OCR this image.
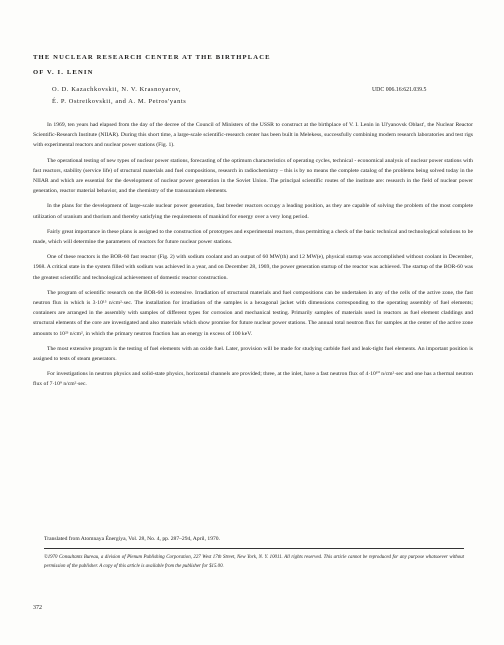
THE NUCLEAR RESEARCH CENTER AT THE BIRTHPLACE
OF V. I. LENIN
O. D. Kazachkovskii, N. V. Krasnoyarov,
É. P. Ostreikovskii, and A. M. Petros'yants
UDC 006.16:621.039.5

In 1969, ten years had elapsed from the day of the decree of the Council of Ministers of the USSR to construct at the birthplace of V. I. Lenin in Ul'yanovsk Oblast', the Nuclear Reactor Scientific-Research Institute (NIIAR). During this short time, a large-scale scientific-research center has been built in Melekess, successfully combining modern research laboratories and test rigs with experimental reactors and nuclear power stations (Fig. 1).

The operational testing of new types of nuclear power stations, forecasting of the optimum characteristics of operating cycles, technical - economical analysis of nuclear power stations with fast reactors, stability (service life) of structural materials and fuel compositions, research in radiochemistry – this is by no means the complete catalog of the problems being solved today in the NIIAR and which are essential for the development of nuclear power generation in the Soviet Union. The principal scientific routes of the institute are: research in the field of nuclear power generation, reactor material behavior, and the chemistry of the transuranium elements.

In the plans for the development of large-scale nuclear power generation, fast breeder reactors occupy a leading position, as they are capable of solving the problem of the most complete utilization of uranium and thorium and thereby satisfying the requirements of mankind for energy over a very long period.

Fairly great importance in these plans is assigned to the construction of prototypes and experimental reactors, thus permitting a check of the basic technical and technological solutions to be made, which will determine the parameters of reactors for future nuclear power stations.

One of these reactors is the BOR-60 fast reactor (Fig. 2) with sodium coolant and an output of 60 MW(th) and 12 MW(e), physical startup was accomplished without coolant in December, 1968. A critical state in the system filled with sodium was achieved in a year, and on December 28, 1969, the power generation startup of the reactor was achieved. The startup of the BOR-60 was the greatest scientific and technological achievement of domestic reactor construction.

The program of scientific research on the BOR-60 is extensive. Irradiation of structural materials and fuel compositions can be undertaken in any of the cells of the active zone, the fast neutron flux in which is 3·10¹⁵ n/cm²·sec. The installation for irradiation of the samples is a hexagonal jacket with dimensions corresponding to the operating assembly of fuel elements; containers are arranged in the assembly with samples of different types for corrosion and mechanical testing. Primarily samples of materials used in reactors as fuel element claddings and structural elements of the core are investigated and also materials which show promise for future nuclear power stations. The annual total neutron flux for samples at the center of the active zone amounts to 10²³ n/cm², in which the primary neutron fraction has an energy in excess of 100 keV.

The most extensive program is the testing of fuel elements with an oxide fuel. Later, provision will be made for studying carbide fuel and leak-tight fuel elements. An important position is assigned to tests of steam generators.

For investigations in neutron physics and solid-state physics, horizontal channels are provided; three, at the inlet, have a fast neutron flux of 4·10¹⁰ n/cm²·sec and one has a thermal neutron flux of 7·10⁹ n/cm²·sec.

Translated from Atomnaya Énergiya, Vol. 28, No. 4, pp. 287–294, April, 1970.
©1970 Consultants Bureau, a division of Plenum Publishing Corporation, 227 West 17th Street, New York, N. Y. 10011. All rights reserved. This article cannot be reproduced for any purpose whatsoever without permission of the publisher. A copy of this article is available from the publisher for $15.00.
372
